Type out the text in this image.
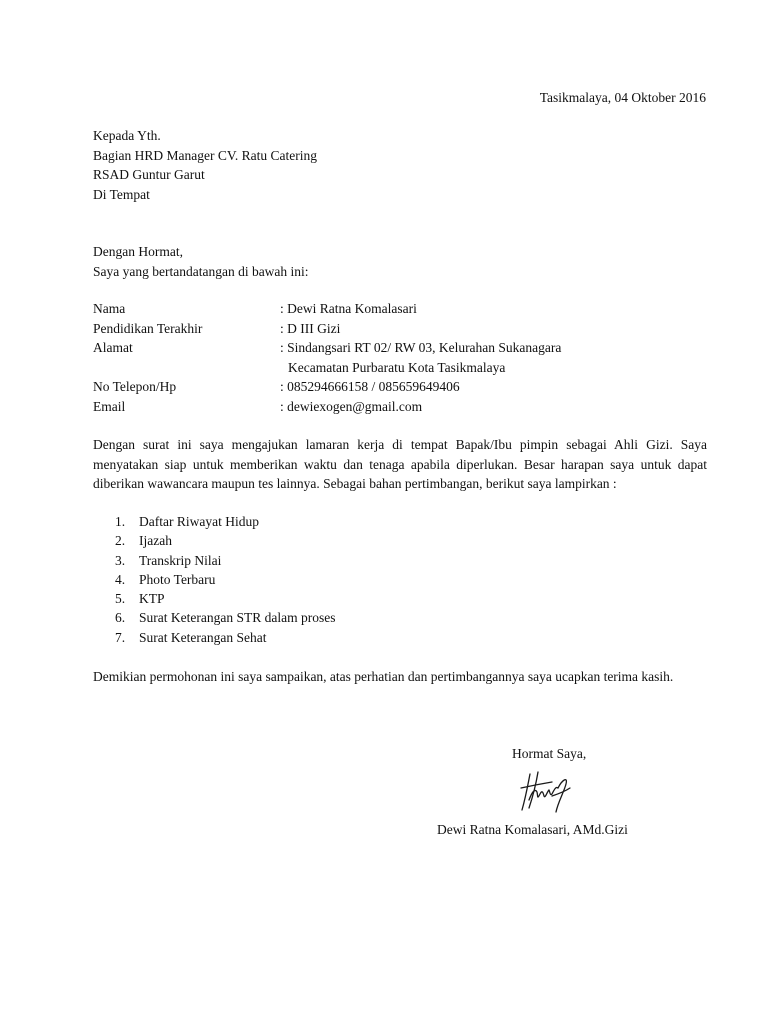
Tasikmalaya, 04 Oktober 2016
Kepada Yth.
Bagian HRD Manager CV. Ratu Catering
RSAD Guntur Garut
Di Tempat
Dengan Hormat,
Saya yang bertandatangan di bawah ini:
Nama	: Dewi Ratna Komalasari
Pendidikan Terakhir	: D III Gizi
Alamat	: Sindangsari RT 02/ RW 03, Kelurahan Sukanagara
Kecamatan Purbaratu Kota Tasikmalaya
No Telepon/Hp	: 085294666158 / 085659649406
Email	: dewiexogen@gmail.com
Dengan surat ini saya mengajukan lamaran kerja di tempat Bapak/Ibu pimpin sebagai Ahli Gizi. Saya menyatakan siap untuk memberikan waktu dan tenaga apabila diperlukan. Besar harapan saya untuk dapat diberikan wawancara maupun tes lainnya. Sebagai bahan pertimbangan, berikut saya lampirkan :
1.	Daftar Riwayat Hidup
2.	Ijazah
3.	Transkrip Nilai
4.	Photo Terbaru
5.	KTP
6.	Surat Keterangan STR dalam proses
7.	Surat Keterangan Sehat
Demikian permohonan ini saya sampaikan, atas perhatian dan pertimbangannya saya ucapkan terima kasih.
Hormat Saya,
Dewi Ratna Komalasari, AMd.Gizi
